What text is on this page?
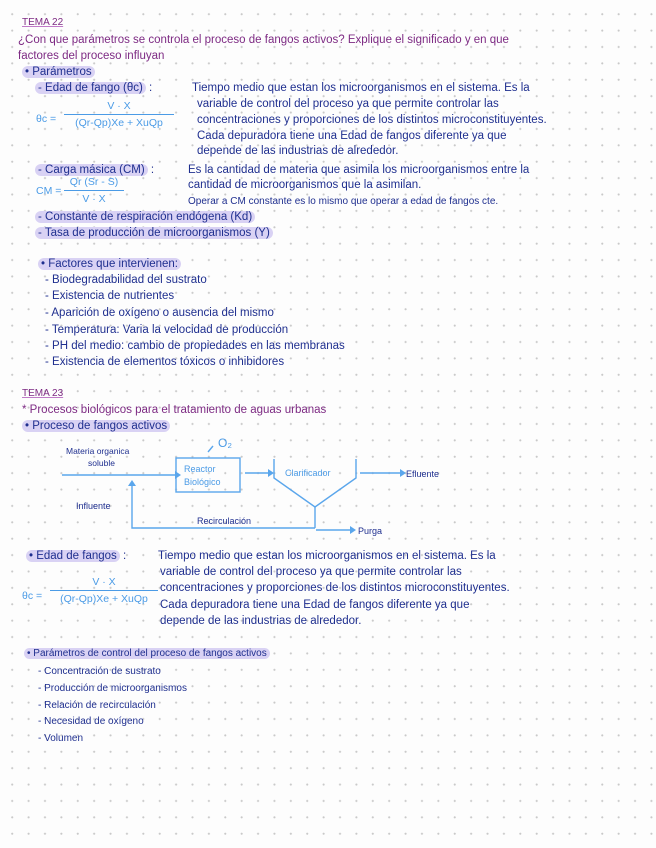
TEMA 22
¿Con que parámetros se controla el proceso de fangos activos? Explique el significado y en que
factores del proceso influyan
• Parámetros
- Edad de fango (θc) :	Tiempo medio que estan los microorganismos en el sistema. Es la
variable de control del proceso ya que permite controlar las
concentraciones y proporciones de los distintos microconstituyentes.
Cada depuradora tiene una Edad de fangos diferente ya que
depende de las industrias de alrededor.
θc =
V · X
(Qr-Qp)Xe + XuQp
- Carga másica (CM) :	Es la cantidad de materia que asimila los microorganismos entre la
cantidad de microorganismos que la asimilan.
Operar a CM constante es lo mismo que operar a edad de fangos cte.
CM = $\frac{Qr (Sr - S)}{V \cdot X}$
- Constante de respiración endógena (Kd)
- Tasa de producción de microorganismos (Y)
• Factores que intervienen:
- Biodegradabilidad del sustrato
- Existencia de nutrientes
- Aparición de oxígeno o ausencia del mismo
- Temperatura: Varia la velocidad de producción
- PH del medio: cambio de propiedades en las membranas
- Existencia de elementos tóxicos o inhibidores
TEMA 23
* Procesos biológicos para el tratamiento de aguas urbanas
• Proceso de fangos activos
Materia organica
soluble
O₂
Reactor
Biológico
Clarificador	Efluente
Influente
Recirculación
Purga
• Edad de fangos :	Tiempo medio que estan los microorganismos en el sistema. Es la
variable de control del proceso ya que permite controlar las
concentraciones y proporciones de los distintos microconstituyentes.
Cada depuradora tiene una Edad de fangos diferente ya que
depende de las industrias de alrededor.
θc =
V · X
(Qr-Qp)Xe + XuQp
• Parámetros de control del proceso de fangos activos
- Concentración de sustrato
- Producción de microorganismos
- Relación de recirculación
- Necesidad de oxígeno
- Volumen
